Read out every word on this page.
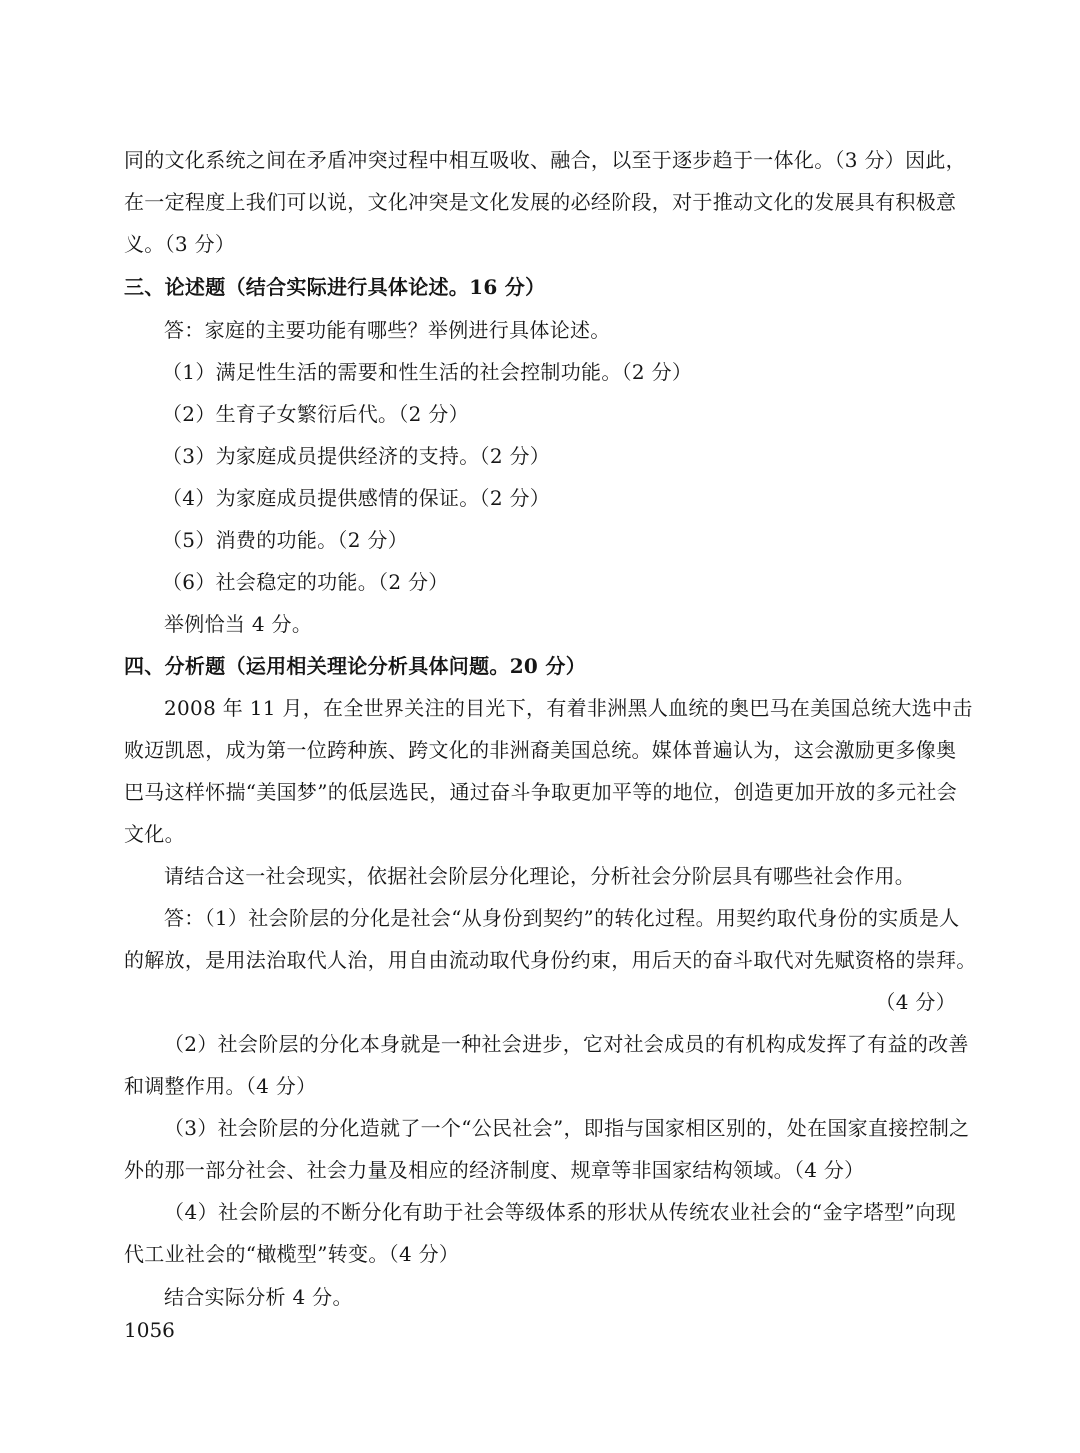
同的文化系统之间在矛盾冲突过程中相互吸收、融合，以至于逐步趋于一体化。（3 分）因此，

在一定程度上我们可以说，文化冲突是文化发展的必经阶段，对于推动文化的发展具有积极意

义。（3 分）

三、论述题（结合实际进行具体论述。16 分）

答：家庭的主要功能有哪些？举例进行具体论述。

（1）满足性生活的需要和性生活的社会控制功能。（2 分）

（2）生育子女繁衍后代。（2 分）

（3）为家庭成员提供经济的支持。（2 分）

（4）为家庭成员提供感情的保证。（2 分）

（5）消费的功能。（2 分）

（6）社会稳定的功能。（2 分）

举例恰当 4 分。

四、分析题（运用相关理论分析具体问题。20 分）

2008 年 11 月，在全世界关注的目光下，有着非洲黑人血统的奥巴马在美国总统大选中击

败迈凯恩，成为第一位跨种族、跨文化的非洲裔美国总统。媒体普遍认为，这会激励更多像奥

巴马这样怀揣“美国梦”的低层选民，通过奋斗争取更加平等的地位，创造更加开放的多元社会

文化。

请结合这一社会现实，依据社会阶层分化理论，分析社会分阶层具有哪些社会作用。

答：（1）社会阶层的分化是社会“从身份到契约”的转化过程。用契约取代身份的实质是人

的解放，是用法治取代人治，用自由流动取代身份约束，用后天的奋斗取代对先赋资格的崇拜。

（4 分）

（2）社会阶层的分化本身就是一种社会进步，它对社会成员的有机构成发挥了有益的改善

和调整作用。（4 分）

（3）社会阶层的分化造就了一个“公民社会”，即指与国家相区别的，处在国家直接控制之

外的那一部分社会、社会力量及相应的经济制度、规章等非国家结构领域。（4 分）

（4）社会阶层的不断分化有助于社会等级体系的形状从传统农业社会的“金字塔型”向现

代工业社会的“橄榄型”转变。（4 分）

结合实际分析 4 分。

1056
